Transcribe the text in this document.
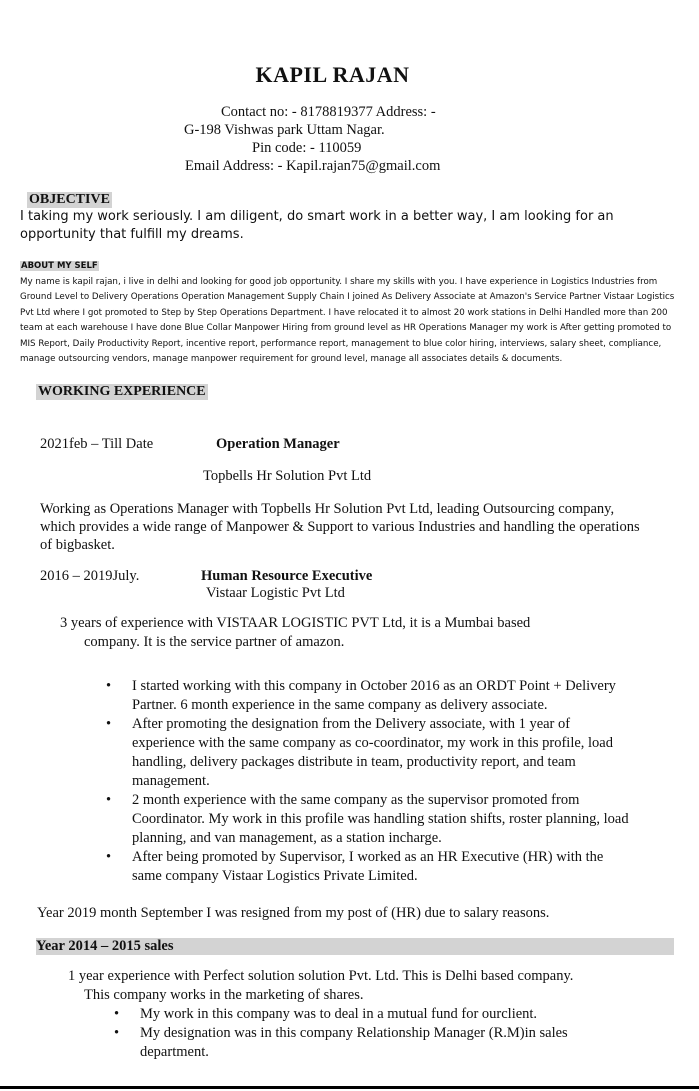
KAPIL RAJAN
Contact no: - 8178819377 Address: -
G-198 Vishwas park Uttam Nagar.
Pin code: - 110059
Email Address: - Kapil.rajan75@gmail.com
OBJECTIVE
I taking my work seriously. I am diligent, do smart work in a better way, I am looking for an opportunity that fulfill my dreams.
ABOUT MY SELF
My name is kapil rajan, i live in delhi and looking for good job opportunity. I share my skills with you. I have experience in Logistics Industries from Ground Level to Delivery Operations Operation Management Supply Chain I joined As Delivery Associate at Amazon's Service Partner Vistaar Logistics Pvt Ltd where I got promoted to Step by Step Operations Department. I have relocated it to almost 20 work stations in Delhi Handled more than 200 team at each warehouse I have done Blue Collar Manpower Hiring from ground level as HR Operations Manager my work is After getting promoted to MIS Report, Daily Productivity Report, incentive report, performance report, management to blue color hiring, interviews, salary sheet, compliance, manage outsourcing vendors, manage manpower requirement for ground level, manage all associates details & documents.
WORKING EXPERIENCE
2021feb – Till Date	Operation Manager
Topbells Hr Solution Pvt Ltd
Working as Operations Manager with Topbells Hr Solution Pvt Ltd, leading Outsourcing company, which provides a wide range of Manpower & Support to various Industries and handling the operations of bigbasket.
2016 – 2019July.	Human Resource Executive
Vistaar Logistic Pvt Ltd
3 years of experience with VISTAAR LOGISTIC PVT Ltd, it is a Mumbai based
company. It is the service partner of amazon.
• I started working with this company in October 2016 as an ORDT Point + Delivery Partner. 6 month experience in the same company as delivery associate.
• After promoting the designation from the Delivery associate, with 1 year of experience with the same company as co-coordinator, my work in this profile, load handling, delivery packages distribute in team, productivity report, and team management.
• 2 month experience with the same company as the supervisor promoted from Coordinator. My work in this profile was handling station shifts, roster planning, load planning, and van management, as a station incharge.
• After being promoted by Supervisor, I worked as an HR Executive (HR) with the same company Vistaar Logistics Private Limited.
Year 2019 month September I was resigned from my post of (HR) due to salary reasons.
Year 2014 – 2015 sales
1 year experience with Perfect solution solution Pvt. Ltd. This is Delhi based company.
This company works in the marketing of shares.
• My work in this company was to deal in a mutual fund for ourclient.
• My designation was in this company Relationship Manager (R.M)in sales department.
